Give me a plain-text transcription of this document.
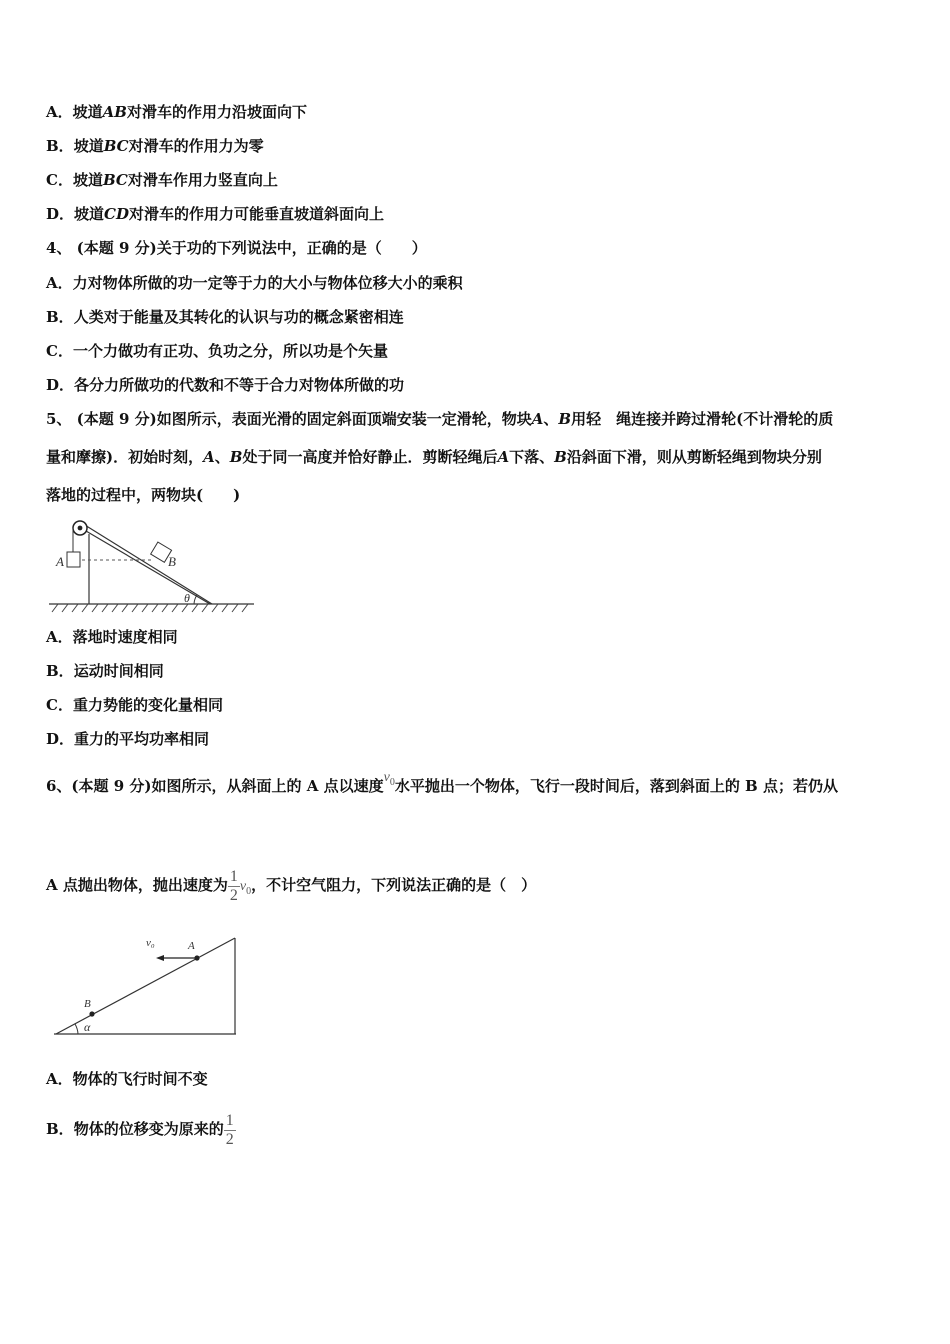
A．坡道AB对滑车的作用力沿坡面向下
B．坡道BC对滑车的作用力为零
C．坡道BC对滑车作用力竖直向上
D．坡道CD对滑车的作用力可能垂直坡道斜面向上
4、 (本题 9 分)关于功的下列说法中，正确的是（　　）
A．力对物体所做的功一定等于力的大小与物体位移大小的乘积
B．人类对于能量及其转化的认识与功的概念紧密相连
C．一个力做功有正功、负功之分，所以功是个矢量
D．各分力所做功的代数和不等于合力对物体所做的功
5、 (本题 9 分)如图所示，表面光滑的固定斜面顶端安装一定滑轮，物块A、B用轻　绳连接并跨过滑轮(不计滑轮的质
量和摩擦)．初始时刻，A、B处于同一高度并恰好静止．剪断轻绳后A下落、B沿斜面下滑，则从剪断轻绳到物块分别
落地的过程中，两物块(　　)
A	B
θ
A．落地时速度相同
B．运动时间相同
C．重力势能的变化量相同
D．重力的平均功率相同
6、(本题 9 分)如图所示，从斜面上的 A 点以速度$v_0$水平抛出一个物体，飞行一段时间后，落到斜面上的 B 点；若仍从
A 点抛出物体，抛出速度为 $\frac{1}{2} v_0$，不计空气阻力，下列说法正确的是（　）
v₀	A
B
α
A．物体的飞行时间不变
B．物体的位移变为原来的 $\frac{1}{2}$
